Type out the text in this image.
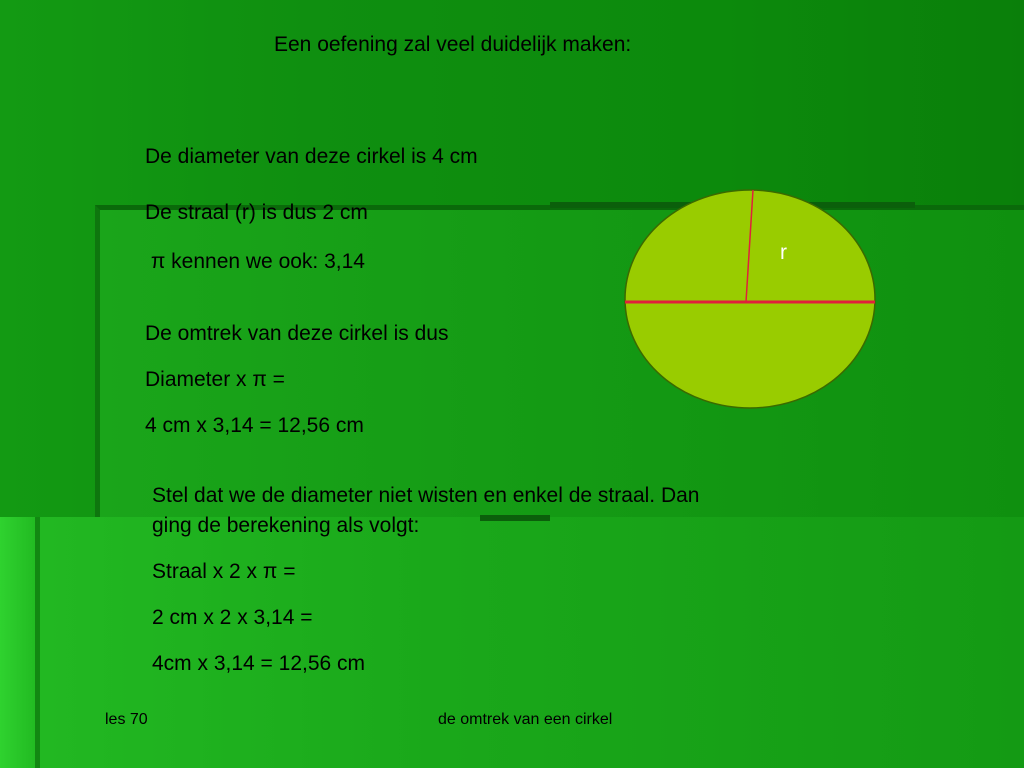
Een oefening zal veel duidelijk maken:
De diameter van deze cirkel is 4 cm
De straal (r) is dus 2 cm
π kennen we ook: 3,14
De omtrek van deze cirkel is dus
Diameter x π =
4 cm x 3,14 = 12,56 cm
Stel dat we de diameter niet wisten en enkel de straal. Dan
ging de berekening als volgt:
Straal x 2 x π =
2 cm x 2 x 3,14 =
4cm x 3,14 = 12,56 cm
r
les 70	de omtrek van een cirkel
